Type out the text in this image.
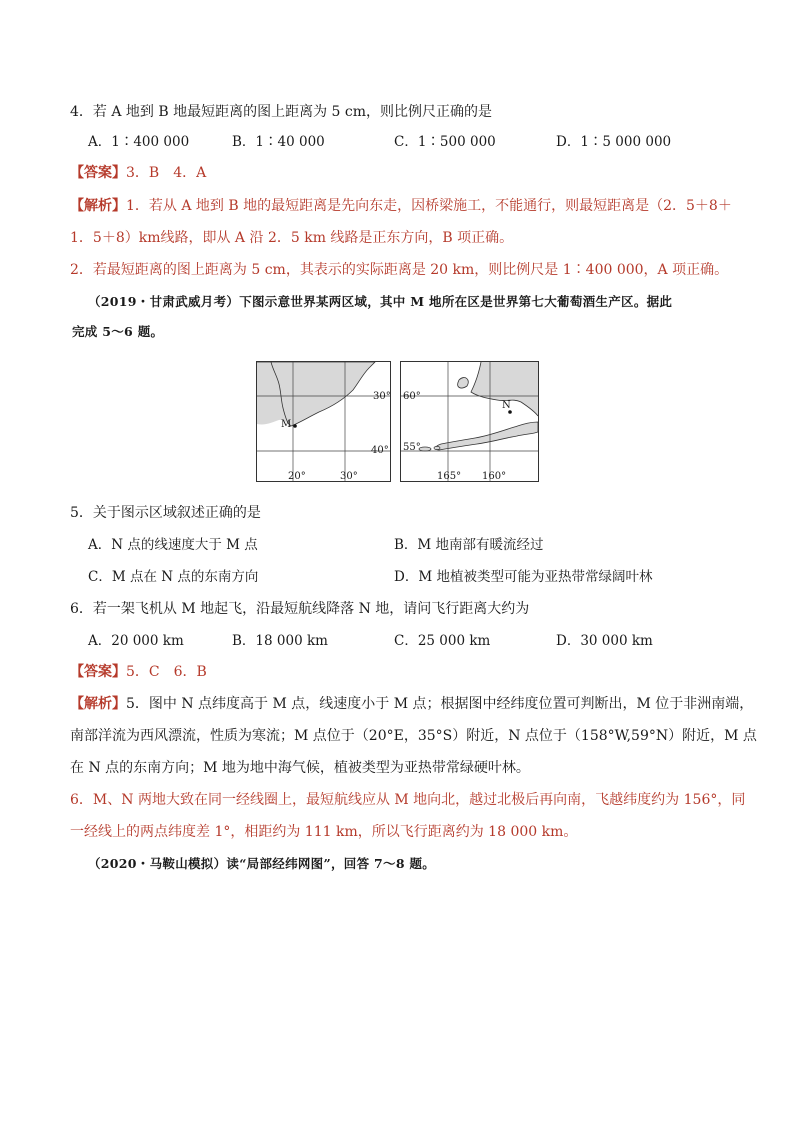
4．若 A 地到 B 地最短距离的图上距离为 5 cm，则比例尺正确的是
A．1∶400 000	B．1∶40 000	C．1∶500 000	D．1∶5 000 000
【答案】3．B　4．A
【解析】1．若从 A 地到 B 地的最短距离是先向东走，因桥梁施工，不能通行，则最短距离是（2．5＋8＋
1．5＋8）km线路，即从 A 沿 2．5 km 线路是正东方向，B 项正确。
2．若最短距离的图上距离为 5 cm，其表示的实际距离是 20 km，则比例尺是 1∶400 000，A 项正确。
（2019・甘肃武威月考）下图示意世界某两区域，其中 M 地所在区是世界第七大葡萄酒生产区。据此
完成 5～6 题。
30°
40°
20°	30°
M
60°
55°
165° 160°
N
5．关于图示区域叙述正确的是
A．N 点的线速度大于 M 点	B．M 地南部有暖流经过
C．M 点在 N 点的东南方向	D．M 地植被类型可能为亚热带常绿阔叶林
6．若一架飞机从 M 地起飞，沿最短航线降落 N 地，请问飞行距离大约为
A．20 000 km	B．18 000 km	C．25 000 km	D．30 000 km
【答案】5．C　6．B
【解析】5．图中 N 点纬度高于 M 点，线速度小于 M 点；根据图中经纬度位置可判断出，M 位于非洲南端，
南部洋流为西风漂流，性质为寒流；M 点位于（20°E，35°S）附近，N 点位于（158°W,59°N）附近，M 点
在 N 点的东南方向；M 地为地中海气候，植被类型为亚热带常绿硬叶林。
6．M、N 两地大致在同一经线圈上，最短航线应从 M 地向北，越过北极后再向南，飞越纬度约为 156°，同
一经线上的两点纬度差 1°，相距约为 111 km，所以飞行距离约为 18 000 km。
（2020・马鞍山模拟）读“局部经纬网图”，回答 7～8 题。
